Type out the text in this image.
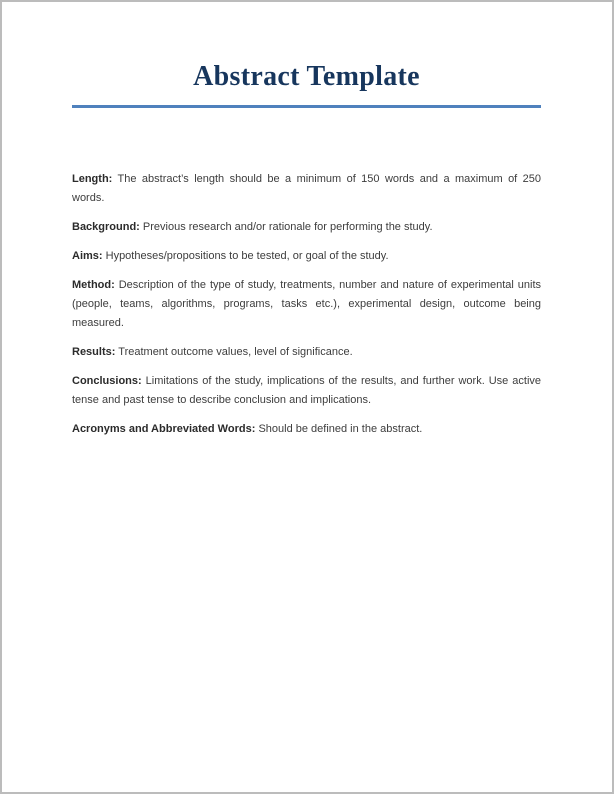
Abstract Template

Length: The abstract’s length should be a minimum of 150 words and a maximum of 250 words.

Background: Previous research and/or rationale for performing the study.

Aims: Hypotheses/propositions to be tested, or goal of the study.

Method: Description of the type of study, treatments, number and nature of experimental units (people, teams, algorithms, programs, tasks etc.), experimental design, outcome being measured.

Results: Treatment outcome values, level of significance.

Conclusions: Limitations of the study, implications of the results, and further work. Use active tense and past tense to describe conclusion and implications.

Acronyms and Abbreviated Words: Should be defined in the abstract.
